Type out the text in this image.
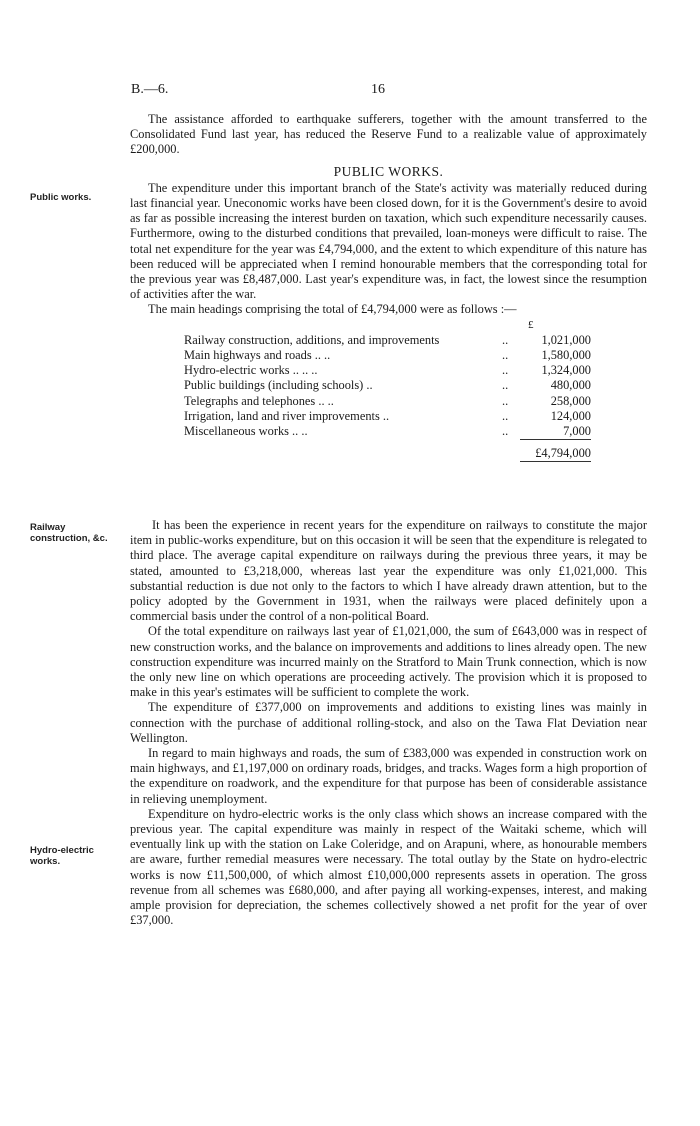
B.—6.	16
Public works.
Railway construction, &c.
Hydro-electric works.

The assistance afforded to earthquake sufferers, together with the amount transferred to the Consolidated Fund last year, has reduced the Reserve Fund to a realizable value of approximately £200,000.

PUBLIC WORKS.

The expenditure under this important branch of the State's activity was materially reduced during last financial year. Uneconomic works have been closed down, for it is the Government's desire to avoid as far as possible increasing the interest burden on taxation, which such expenditure necessarily causes. Furthermore, owing to the disturbed conditions that prevailed, loan-moneys were difficult to raise. The total net expenditure for the year was £4,794,000, and the extent to which expenditure of this nature has been reduced will be appreciated when I remind honourable members that the corresponding total for the previous year was £8,487,000. Last year's expenditure was, in fact, the lowest since the resumption of activities after the war.

The main headings comprising the total of £4,794,000 were as follows :—

		£
Railway construction, additions, and improvements	..	1,021,000
Main highways and roads .. ..	..	1,580,000
Hydro-electric works .. .. ..	..	1,324,000
Public buildings (including schools) ..	..	480,000
Telegraphs and telephones .. ..	..	258,000
Irrigation, land and river improvements ..	..	124,000
Miscellaneous works .. ..	..	7,000

		£4,794,000

It has been the experience in recent years for the expenditure on railways to constitute the major item in public-works expenditure, but on this occasion it will be seen that the expenditure is relegated to third place. The average capital expenditure on railways during the previous three years, it may be stated, amounted to £3,218,000, whereas last year the expenditure was only £1,021,000. This substantial reduction is due not only to the factors to which I have already drawn attention, but to the policy adopted by the Government in 1931, when the railways were placed definitely upon a commercial basis under the control of a non-political Board.

Of the total expenditure on railways last year of £1,021,000, the sum of £643,000 was in respect of new construction works, and the balance on improvements and additions to lines already open. The new construction expenditure was incurred mainly on the Stratford to Main Trunk connection, which is now the only new line on which operations are proceeding actively. The provision which it is proposed to make in this year's estimates will be sufficient to complete the work.

The expenditure of £377,000 on improvements and additions to existing lines was mainly in connection with the purchase of additional rolling-stock, and also on the Tawa Flat Deviation near Wellington.

In regard to main highways and roads, the sum of £383,000 was expended in construction work on main highways, and £1,197,000 on ordinary roads, bridges, and tracks. Wages form a high proportion of the expenditure on roadwork, and the expenditure for that purpose has been of considerable assistance in relieving unemployment.

Expenditure on hydro-electric works is the only class which shows an increase compared with the previous year. The capital expenditure was mainly in respect of the Waitaki scheme, which will eventually link up with the station on Lake Coleridge, and on Arapuni, where, as honourable members are aware, further remedial measures were necessary. The total outlay by the State on hydro-electric works is now £11,500,000, of which almost £10,000,000 represents assets in operation. The gross revenue from all schemes was £680,000, and after paying all working-expenses, interest, and making ample provision for depreciation, the schemes collectively showed a net profit for the year of over £37,000.
